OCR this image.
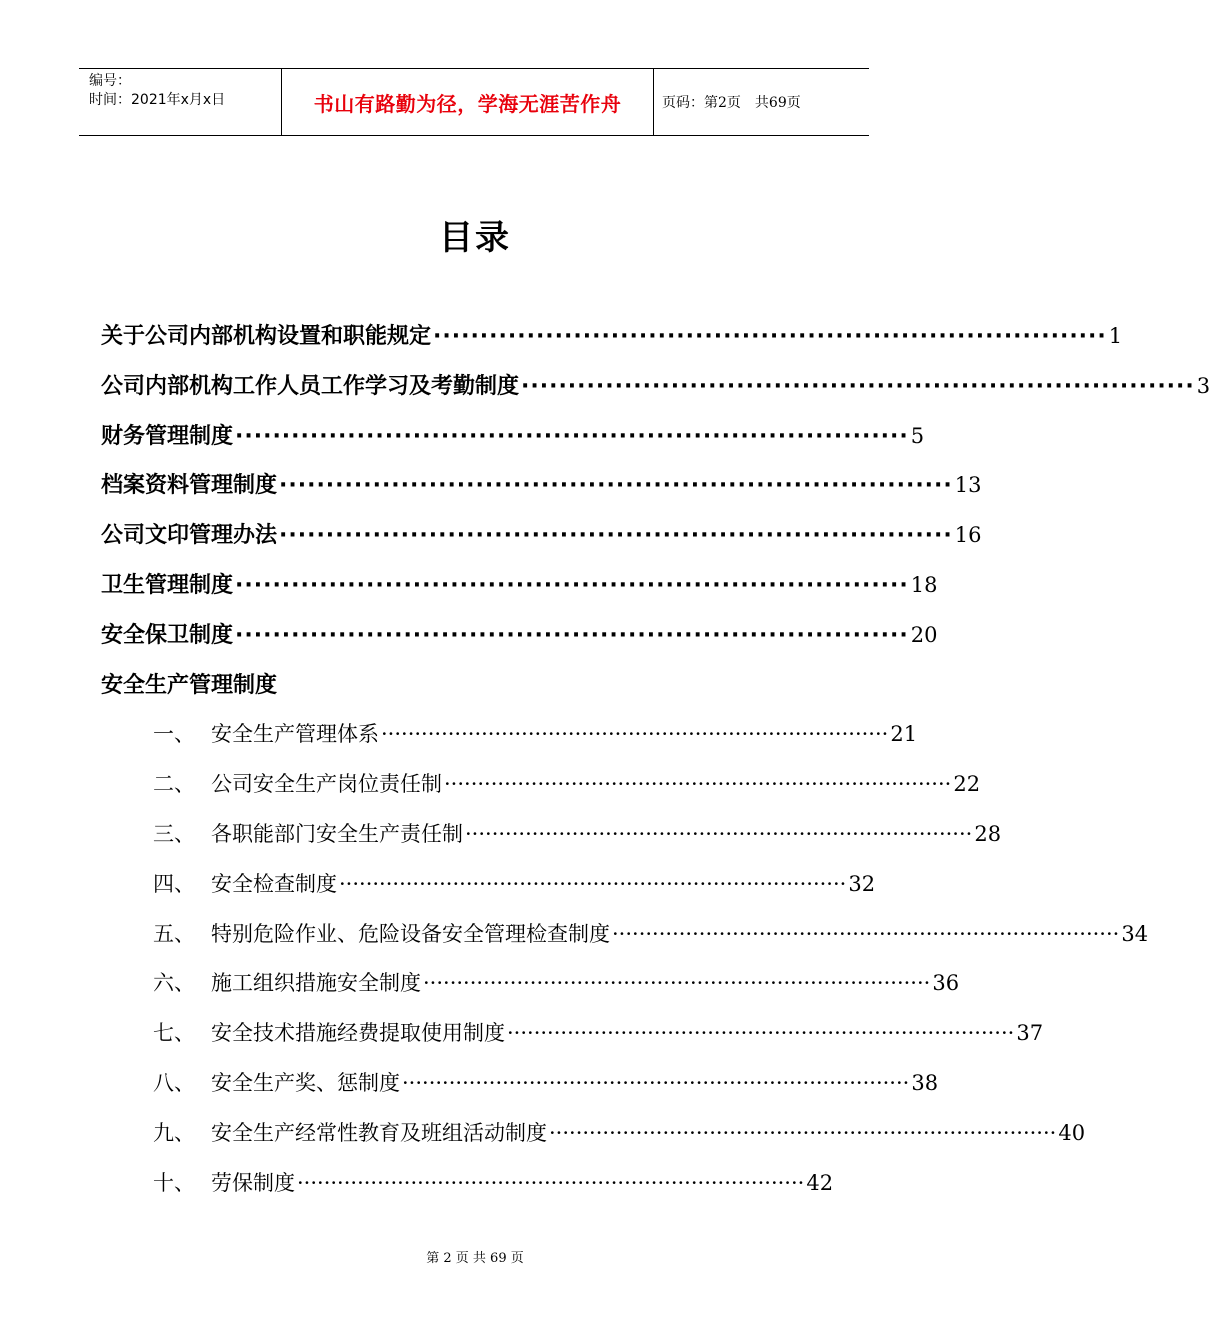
编号：
时间：2021年x月x日	书山有路勤为径，学海无涯苦作舟	页码：第2页　共69页
目录
关于公司内部机构设置和职能规定 ········································································ 1
公司内部机构工作人员工作学习及考勤制度 ········································································ 3
财务管理制度 ········································································ 5
档案资料管理制度 ········································································ 13
公司文印管理办法 ········································································ 16
卫生管理制度 ········································································ 18
安全保卫制度 ········································································ 20
安全生产管理制度
一、 安全生产管理体系 ············································································ 21
二、 公司安全生产岗位责任制 ············································································ 22
三、 各职能部门安全生产责任制 ············································································ 28
四、 安全检查制度 ············································································ 32
五、 特别危险作业、危险设备安全管理检查制度 ············································································ 34
六、 施工组织措施安全制度 ············································································ 36
七、 安全技术措施经费提取使用制度 ············································································ 37
八、 安全生产奖、惩制度 ············································································ 38
九、 安全生产经常性教育及班组活动制度 ············································································ 40
十、 劳保制度 ············································································ 42
第 2 页 共 69 页
